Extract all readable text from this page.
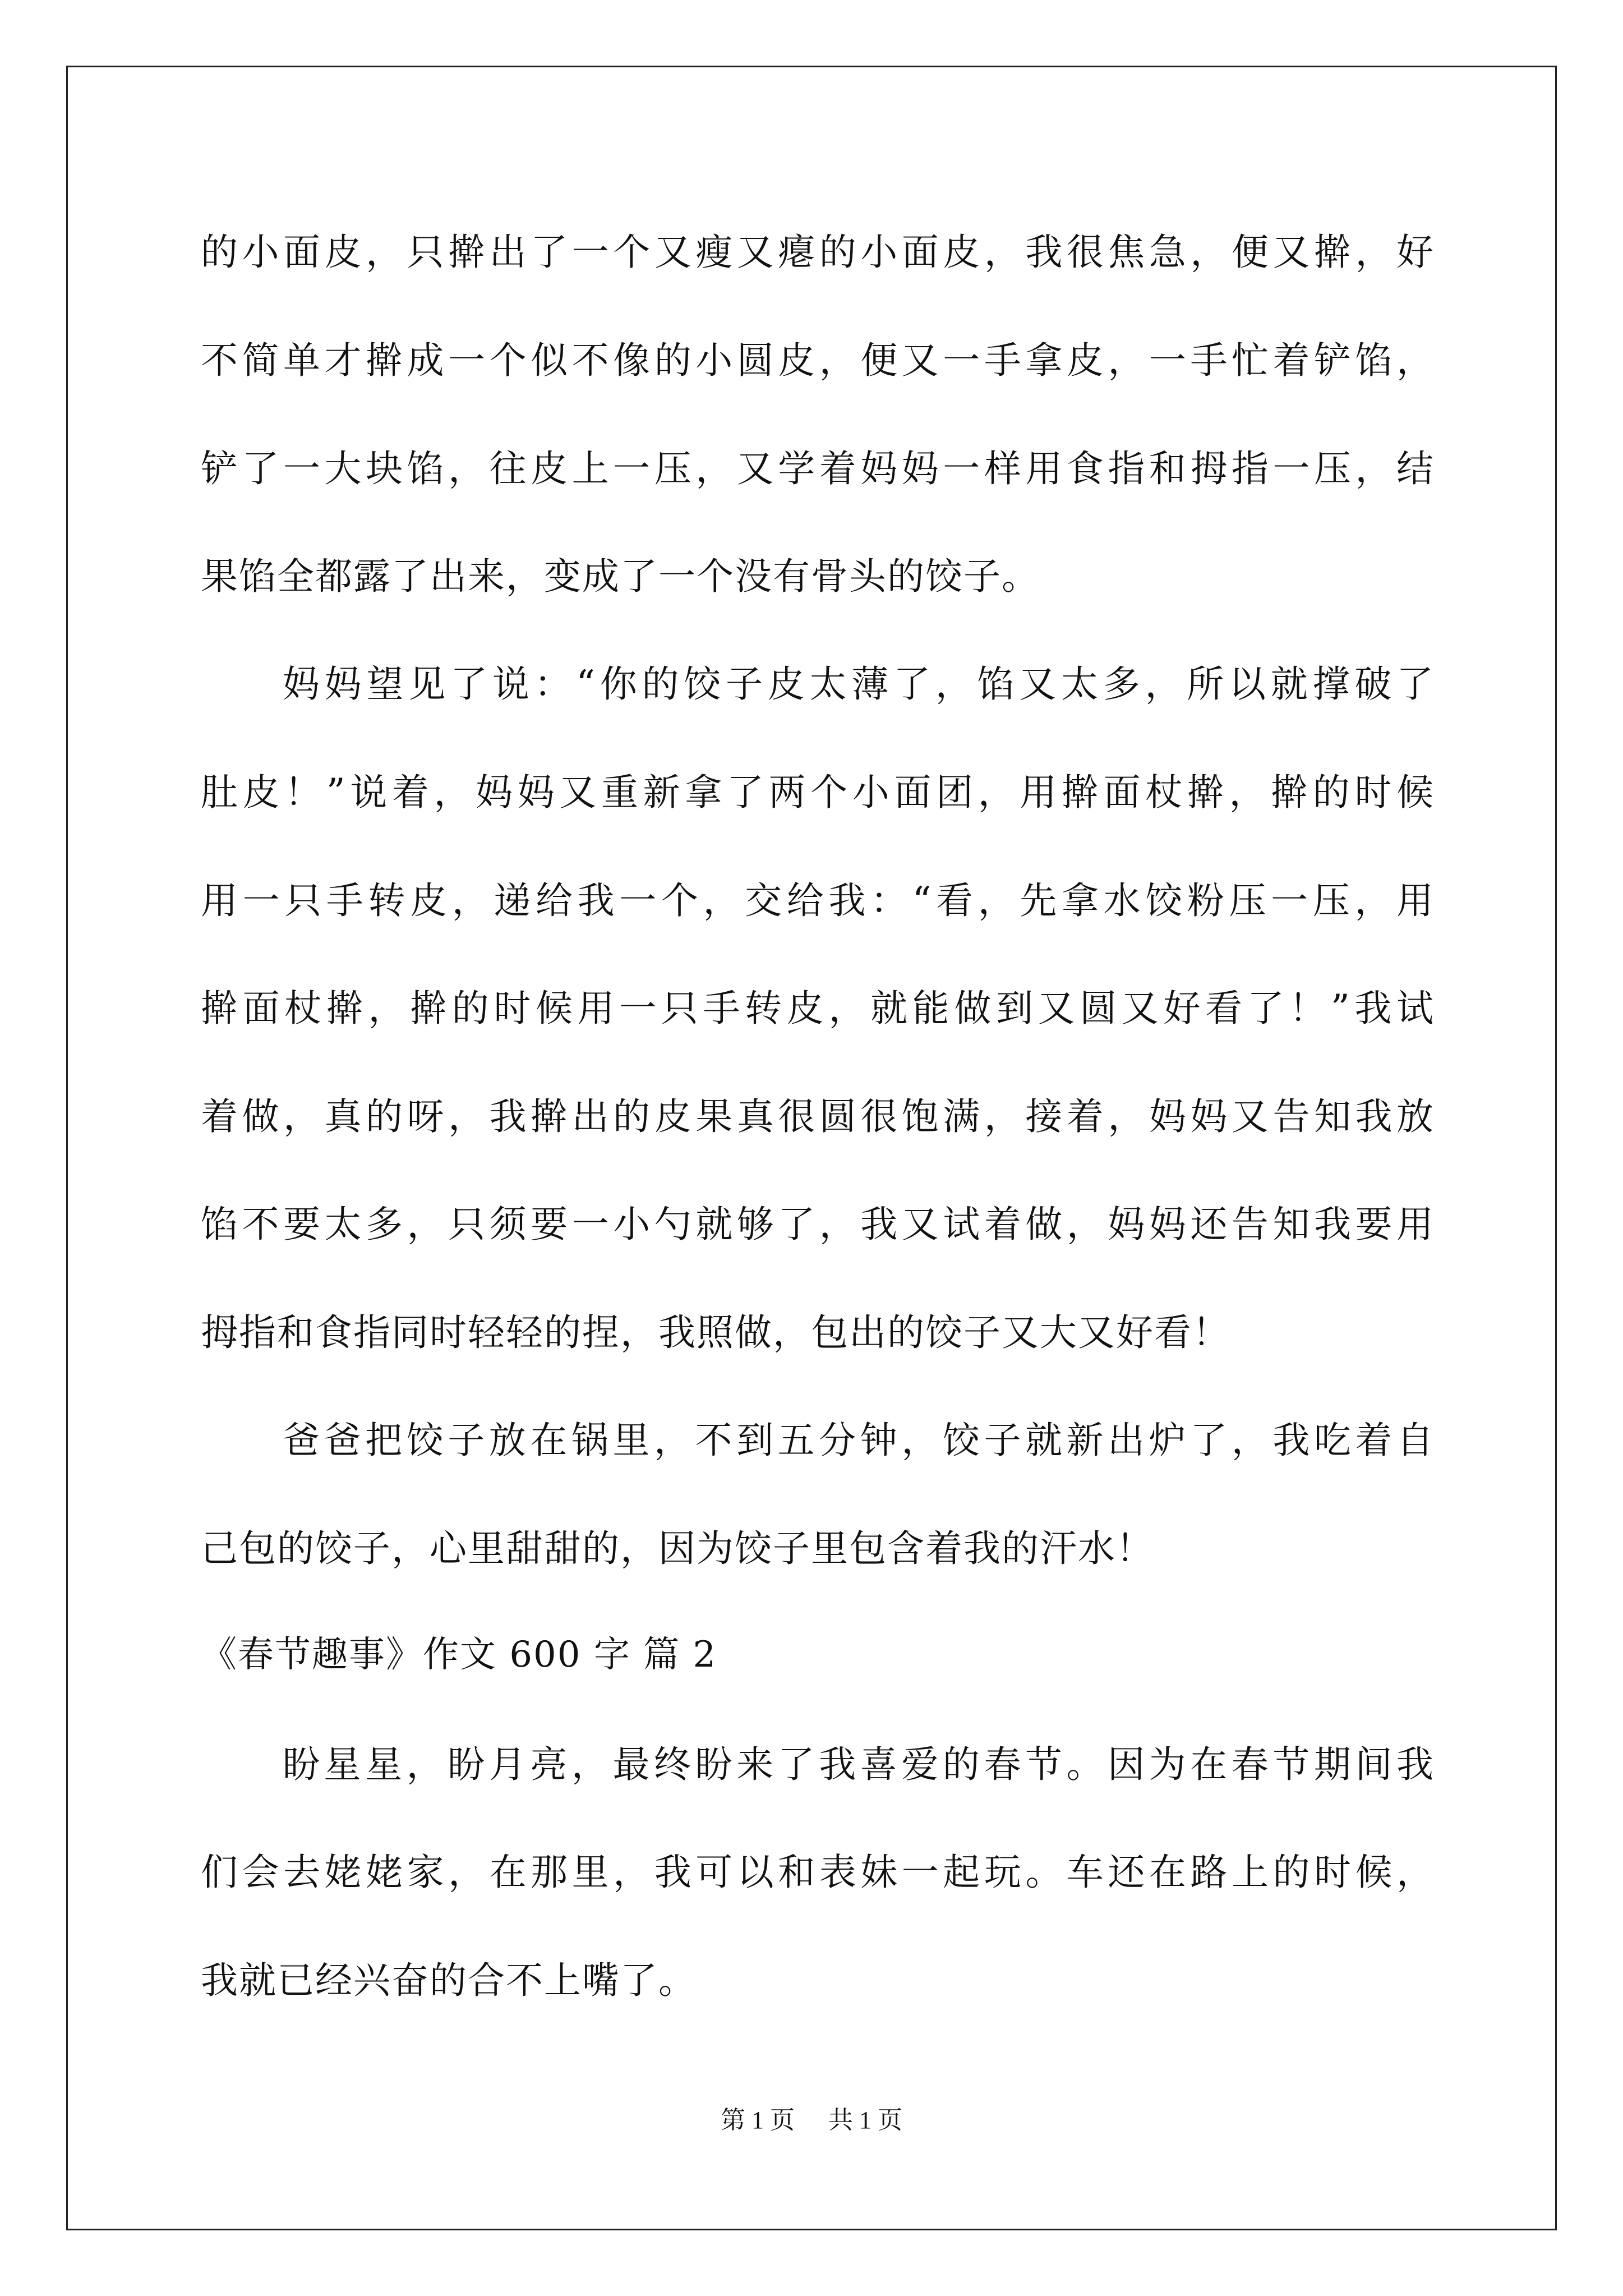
的小面皮，只擀出了一个又瘦又瘪的小面皮，我很焦急，便又擀，好
不简单才擀成一个似不像的小圆皮，便又一手拿皮，一手忙着铲馅，
铲了一大块馅，往皮上一压，又学着妈妈一样用食指和拇指一压，结
果馅全都露了出来，变成了一个没有骨头的饺子。
妈妈望见了说：“你的饺子皮太薄了，馅又太多，所以就撑破了
肚皮！”说着，妈妈又重新拿了两个小面团，用擀面杖擀，擀的时候
用一只手转皮，递给我一个，交给我：“看，先拿水饺粉压一压，用
擀面杖擀，擀的时候用一只手转皮，就能做到又圆又好看了！”我试
着做，真的呀，我擀出的皮果真很圆很饱满，接着，妈妈又告知我放
馅不要太多，只须要一小勺就够了，我又试着做，妈妈还告知我要用
拇指和食指同时轻轻的捏，我照做，包出的饺子又大又好看！
爸爸把饺子放在锅里，不到五分钟，饺子就新出炉了，我吃着自
己包的饺子，心里甜甜的，因为饺子里包含着我的汗水！
《春节趣事》作文 600 字 篇 2
盼星星，盼月亮，最终盼来了我喜爱的春节。因为在春节期间我
们会去姥姥家，在那里，我可以和表妹一起玩。车还在路上的时候，
我就已经兴奋的合不上嘴了。
第 1 页 共 1 页
